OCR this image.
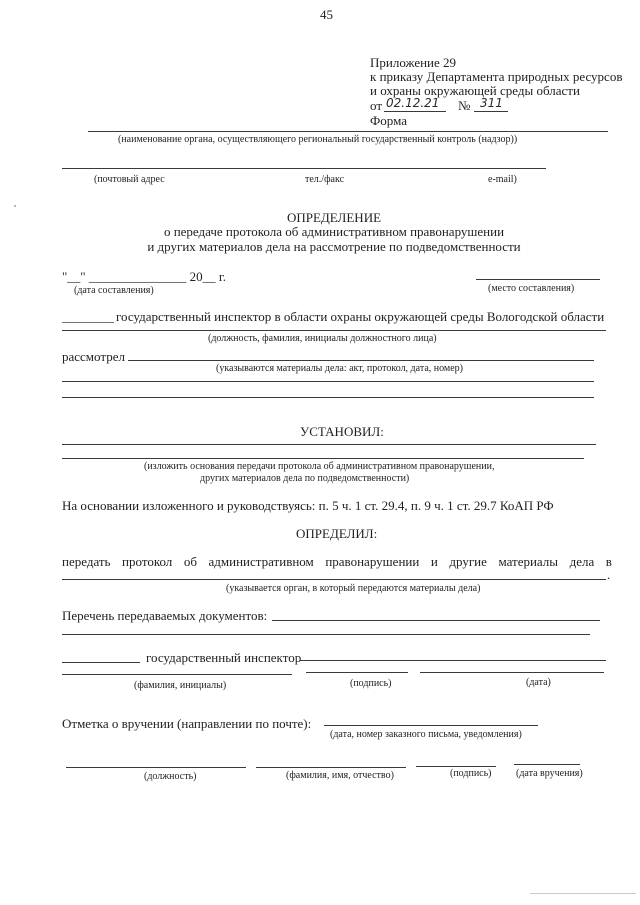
45
Приложение 29
к приказу Департамента природных ресурсов
и охраны окружающей среды области
от 02.12.21 № 311
Форма
(наименование органа, осуществляющего региональный государственный контроль (надзор))
(почтовый адрес	тел./факс	e-mail)
ОПРЕДЕЛЕНИЕ
о передаче протокола об административном правонарушении
и других материалов дела на рассмотрение по подведомственности
"__" _______________ 20__ г.
(дата составления)	(место составления)
________ государственный инспектор в области охраны окружающей среды Вологодской области
(должность, фамилия, инициалы должностного лица)
рассмотрел
(указываются материалы дела: акт, протокол, дата, номер)
УСТАНОВИЛ:
(изложить основания передачи протокола об административном правонарушении,
других материалов дела по подведомственности)
На основании изложенного и руководствуясь: п. 5 ч. 1 ст. 29.4, п. 9 ч. 1 ст. 29.7 КоАП РФ
ОПРЕДЕЛИЛ:
передать протокол об административном правонарушении и другие материалы дела в
.
(указывается орган, в который передаются материалы дела)
Перечень передаваемых документов:
государственный инспектор
(фамилия, инициалы)	(подпись)	(дата)
Отметка о вручении (направлении по почте):
(дата, номер заказного письма, уведомления)
(должность)	(фамилия, имя, отчество)	(подпись) (дата вручения)
